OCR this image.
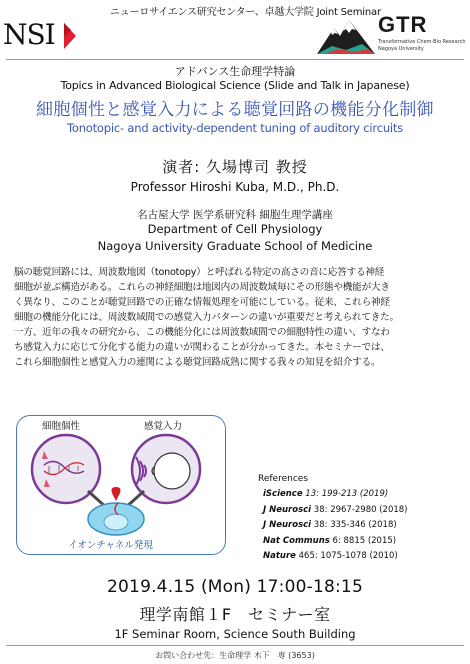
ニューロサイエンス研究センター、卓越大学院 Joint Seminar
NSI	GTR
Transformative Chem-Bio Research
Nagoya University
アドバンス生命理学特論
Topics in Advanced Biological Science (Slide and Talk in Japanese)
細胞個性と感覚入力による聴覚回路の機能分化制御
Tonotopic- and activity-dependent tuning of auditory circuits
演者: 久場博司 教授
Professor Hiroshi Kuba, M.D., Ph.D.
名古屋大学 医学系研究科 細胞生理学講座
Department of Cell Physiology
Nagoya University Graduate School of Medicine
脳の聴覚回路には、周波数地図（tonotopy）と呼ばれる特定の高さの音に応答する神経
細胞が並ぶ構造がある。これらの神経細胞は地図内の周波数域毎にその形態や機能が大き
く異なり、このことが聴覚回路での正確な情報処理を可能にしている。従来、これら神経
細胞の機能分化には、周波数域間での感覚入力パターンの違いが重要だと考えられてきた。
一方、近年の我々の研究から、この機能分化には周波数域間での細胞特性の違い、すなわ
ち感覚入力に応じて分化する能力の違いが関わることが分かってきた。本セミナーでは、
これら細胞個性と感覚入力の連関による聴覚回路成熟に関する我々の知見を紹介する。
細胞個性	感覚入力
イオンチャネル発現
References
iScience 13: 199-213 (2019)
J Neurosci 38: 2967-2980 (2018)
J Neurosci 38: 335-346 (2018)
Nat Communs 6: 8815 (2015)
Nature 465: 1075-1078 (2010)
2019.4.15 (Mon) 17:00-18:15
理学南館１F　セミナー室
1F Seminar Room, Science South Building
お問い合わせ先：生命理学 木下　専 (3653)
